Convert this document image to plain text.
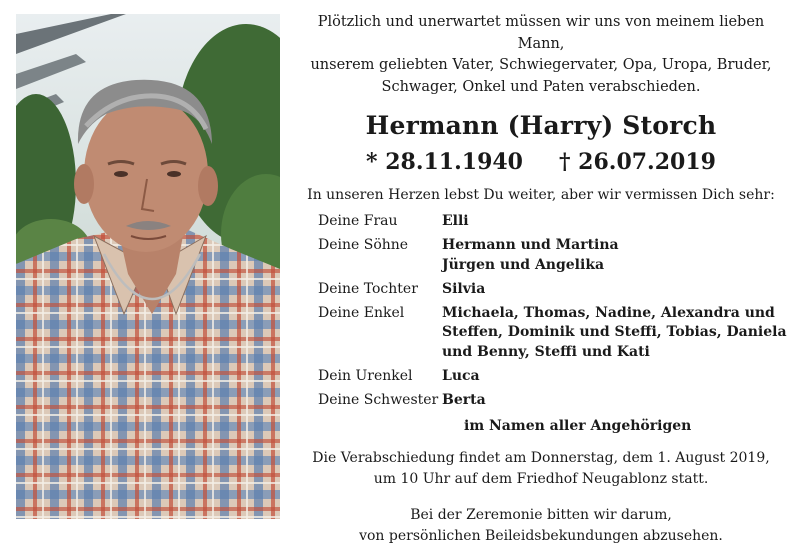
Plötzlich und unerwartet müssen wir uns von meinem lieben Mann,
unserem geliebten Vater, Schwiegervater, Opa, Uropa, Bruder,
Schwager, Onkel und Paten verabschieden.

Hermann (Harry) Storch
* 28.11.1940 † 26.07.2019
In unseren Herzen lebst Du weiter, aber wir vermissen Dich sehr:
Deine Frau	Elli
Deine Söhne	Hermann und Martina
Jürgen und Angelika
Deine Tochter	Silvia
Deine Enkel	Michaela, Thomas, Nadine, Alexandra und
Steffen, Dominik und Steffi, Tobias, Daniela
und Benny, Steffi und Kati
Dein Urenkel	Luca
Deine Schwester Berta
im Namen aller Angehörigen
Die Verabschiedung findet am Donnerstag, dem 1. August 2019,
um 10 Uhr auf dem Friedhof Neugablonz statt.
Bei der Zeremonie bitten wir darum,
von persönlichen Beileidsbekundungen abzusehen.
